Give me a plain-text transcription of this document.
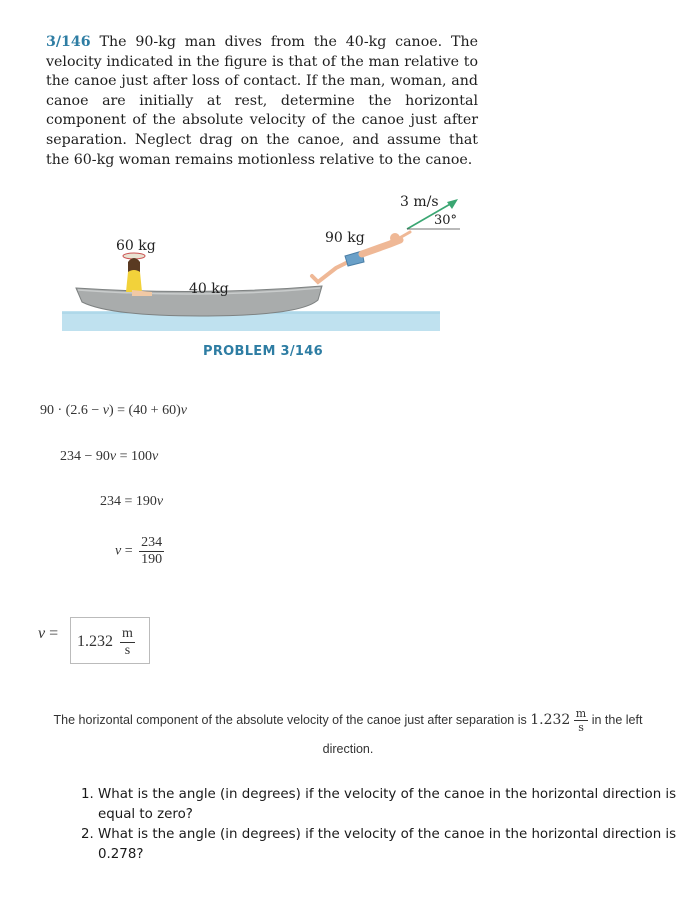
3/146 The 90-kg man dives from the 40-kg canoe. The velocity indicated in the figure is that of the man relative to the canoe just after loss of contact. If the man, woman, and canoe are initially at rest, determine the horizontal component of the absolute velocity of the canoe just after separation. Neglect drag on the canoe, and assume that the 60-kg woman remains motionless relative to the canoe.
60 kg
40 kg
90 kg
3 m/s
30°
PROBLEM 3/146
90 · (2.6 − v) = (40 + 60)v
234 − 90v = 100v
234 = 190v
$v = \frac{234}{190}$
$v = 1.232 \frac{m}{s}$
The horizontal component of the absolute velocity of the canoe just after separation is $1.232 \frac{m}{s}$ in the left
direction.
1. What is the angle (in degrees) if the velocity of the canoe in the horizontal direction is equal to zero?
2. What is the angle (in degrees) if the velocity of the canoe in the horizontal direction is 0.278?
